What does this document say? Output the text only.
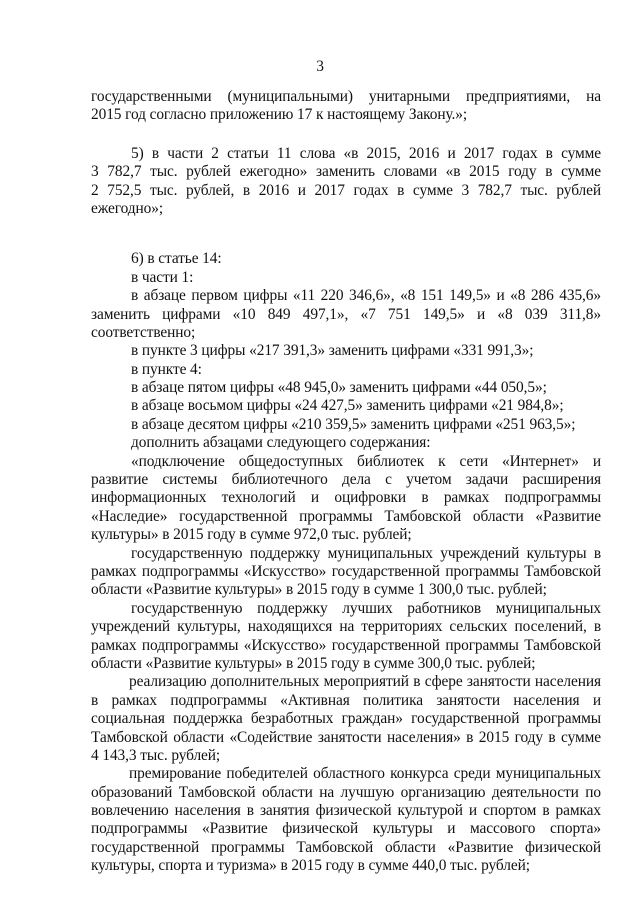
3
государственными (муниципальными) унитарными предприятиями, на
2015 год согласно приложению 17 к настоящему Закону.»;
5) в части 2 статьи 11 слова «в 2015, 2016 и 2017 годах в сумме
3 782,7 тыс. рублей ежегодно» заменить словами «в 2015 году в сумме
2 752,5 тыс. рублей, в 2016 и 2017 годах в сумме 3 782,7 тыс. рублей
ежегодно»;
6) в статье 14:
в части 1:
в абзаце первом цифры «11 220 346,6», «8 151 149,5» и «8 286 435,6»
заменить цифрами «10 849 497,1», «7 751 149,5» и «8 039 311,8»
соответственно;
в пункте 3 цифры «217 391,3» заменить цифрами «331 991,3»;
в пункте 4:
в абзаце пятом цифры «48 945,0» заменить цифрами «44 050,5»;
в абзаце восьмом цифры «24 427,5» заменить цифрами «21 984,8»;
в абзаце десятом цифры «210 359,5» заменить цифрами «251 963,5»;
дополнить абзацами следующего содержания:
«подключение общедоступных библиотек к сети «Интернет» и
развитие системы библиотечного дела с учетом задачи расширения
информационных технологий и оцифровки в рамках подпрограммы
«Наследие» государственной программы Тамбовской области «Развитие
культуры» в 2015 году в сумме 972,0 тыс. рублей;
государственную поддержку муниципальных учреждений культуры в
рамках подпрограммы «Искусство» государственной программы Тамбовской
области «Развитие культуры» в 2015 году в сумме 1 300,0 тыс. рублей;
государственную поддержку лучших работников муниципальных
учреждений культуры, находящихся на территориях сельских поселений, в
рамках подпрограммы «Искусство» государственной программы Тамбовской
области «Развитие культуры» в 2015 году в сумме 300,0 тыс. рублей;
реализацию дополнительных мероприятий в сфере занятости населения
в рамках подпрограммы «Активная политика занятости населения и
социальная поддержка безработных граждан» государственной программы
Тамбовской области «Содействие занятости населения» в 2015 году в сумме
4 143,3 тыс. рублей;
премирование победителей областного конкурса среди муниципальных
образований Тамбовской области на лучшую организацию деятельности по
вовлечению населения в занятия физической культурой и спортом в рамках
подпрограммы «Развитие физической культуры и массового спорта»
государственной программы Тамбовской области «Развитие физической
культуры, спорта и туризма» в 2015 году в сумме 440,0 тыс. рублей;
